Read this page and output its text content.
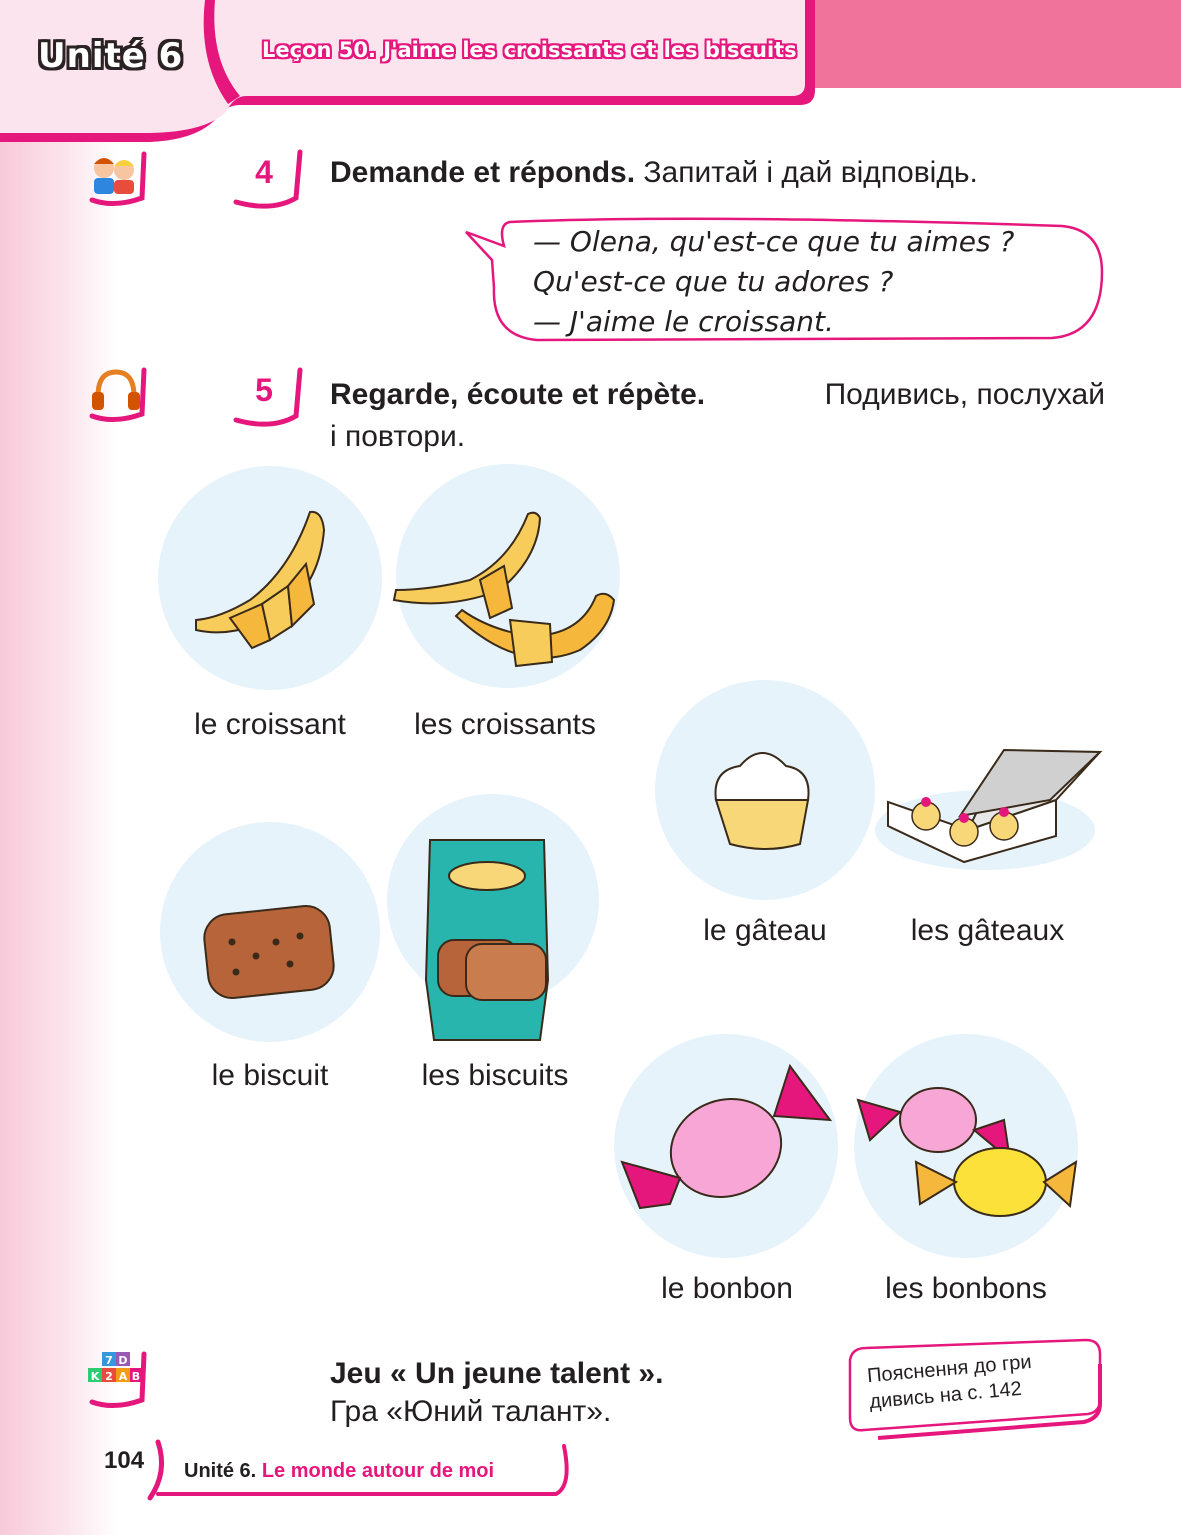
Unité 6	Leçon 50. J'aime les croissants et les biscuits
4	Demande et réponds. Запитай і дай відповідь.
— Olena, qu'est-ce que tu aimes ?
Qu'est-ce que tu adores ?
— J'aime le croissant.
5	Regarde, écoute et répète.	Подивись, послухай
і повтори.
le croissant	les croissants
le gâteau	les gâteaux
le biscuit	les biscuits
le bonbon	les bonbons
7 D
K 2 A B	Jeu « Un jeune talent ».
Гра «Юний талант».
Пояснення до гри
дивись на с. 142
104 Unité 6. Le monde autour de moi
